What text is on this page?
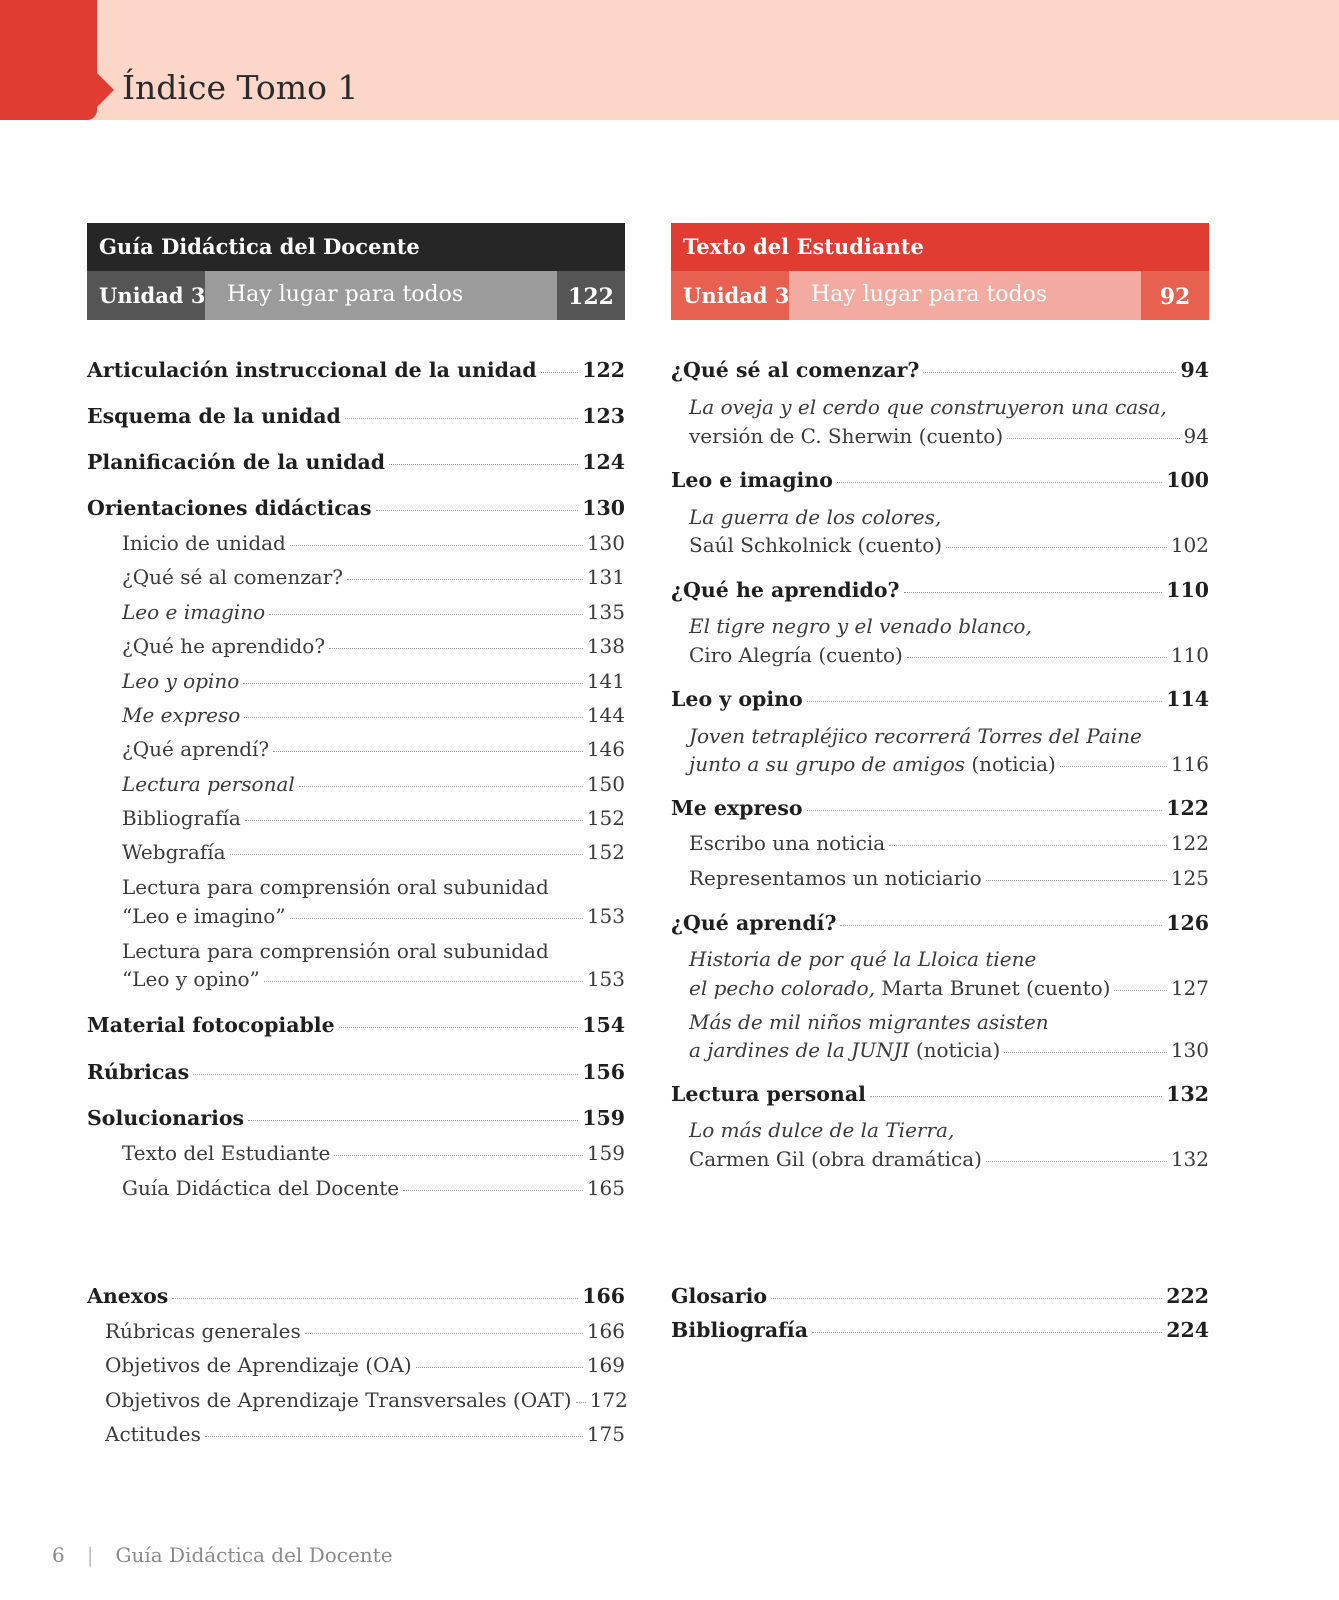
Índice Tomo 1
Guía Didáctica del Docente
Unidad 3 Hay lugar para todos	122
Texto del Estudiante
Unidad 3 Hay lugar para todos	92
Articulación instruccional de la unidad 122
Esquema de la unidad	123
Planificación de la unidad	124
Orientaciones didácticas	130
Inicio de unidad	130
¿Qué sé al comenzar?	131
Leo e imagino	135
¿Qué he aprendido?	138
Leo y opino	141
Me expreso	144
¿Qué aprendí?	146
Lectura personal	150
Bibliografía	152
Webgrafía	152
Lectura para comprensión oral subunidad
“Leo e imagino”	153
Lectura para comprensión oral subunidad
“Leo y opino”	153
Material fotocopiable	154
Rúbricas	156
Solucionarios	159
Texto del Estudiante	159
Guía Didáctica del Docente	165
¿Qué sé al comenzar?	94
La oveja y el cerdo que construyeron una casa,
versión de C. Sherwin (cuento)	94
Leo e imagino	100
La guerra de los colores,
Saúl Schkolnick (cuento)	102
¿Qué he aprendido?	110
El tigre negro y el venado blanco,
Ciro Alegría (cuento)	110
Leo y opino	114
Joven tetrapléjico recorrerá Torres del Paine
junto a su grupo de amigos (noticia)	116
Me expreso	122
Escribo una noticia	122
Representamos un noticiario	125
¿Qué aprendí?	126
Historia de por qué la Lloica tiene
el pecho colorado, Marta Brunet (cuento)	127
Más de mil niños migrantes asisten
a jardines de la JUNJI (noticia)	130
Lectura personal	132
Lo más dulce de la Tierra,
Carmen Gil (obra dramática)	132
Anexos	166
Rúbricas generales	166
Objetivos de Aprendizaje (OA)	169
Objetivos de Aprendizaje Transversales (OAT) 172
Actitudes	175
Glosario	222
Bibliografía	224
6 | Guía Didáctica del Docente
